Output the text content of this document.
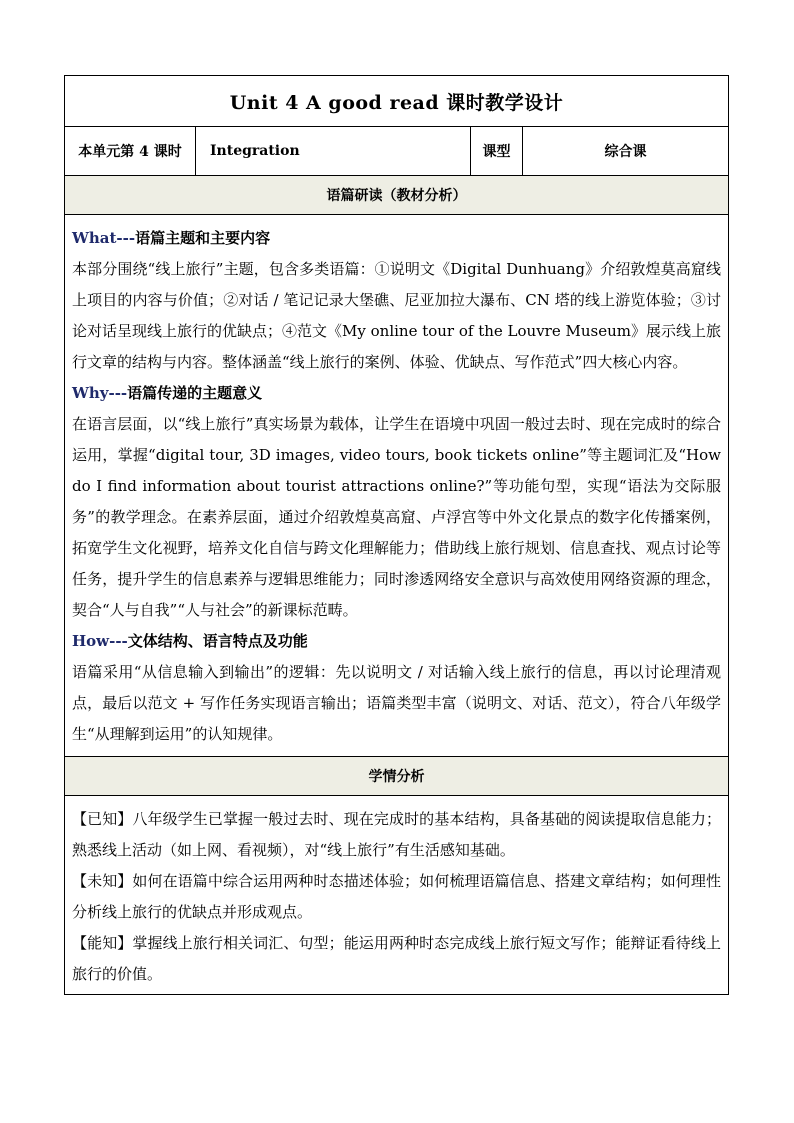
Unit 4 A good read 课时教学设计
本单元第 4 课时	Integration	课型	综合课
语篇研读（教材分析）
What---语篇主题和主要内容

本部分围绕“线上旅行”主题，包含多类语篇：①说明文《Digital Dunhuang》介绍敦煌莫高窟线上项目的内容与价值；②对话 / 笔记记录大堡礁、尼亚加拉大瀑布、CN 塔的线上游览体验；③讨论对话呈现线上旅行的优缺点；④范文《My online tour of the Louvre Museum》展示线上旅行文章的结构与内容。整体涵盖“线上旅行的案例、体验、优缺点、写作范式”四大核心内容。

Why---语篇传递的主题意义

在语言层面，以“线上旅行”真实场景为载体，让学生在语境中巩固一般过去时、现在完成时的综合运用，掌握“digital tour, 3D images, video tours, book tickets online”等主题词汇及“How do I find information about tourist attractions online?”等功能句型，实现“语法为交际服务”的教学理念。在素养层面，通过介绍敦煌莫高窟、卢浮宫等中外文化景点的数字化传播案例，拓宽学生文化视野，培养文化自信与跨文化理解能力；借助线上旅行规划、信息查找、观点讨论等任务，提升学生的信息素养与逻辑思维能力；同时渗透网络安全意识与高效使用网络资源的理念，契合“人与自我”“人与社会”的新课标范畴。

How---文体结构、语言特点及功能

语篇采用“从信息输入到输出”的逻辑：先以说明文 / 对话输入线上旅行的信息，再以讨论理清观点，最后以范文 + 写作任务实现语言输出；语篇类型丰富（说明文、对话、范文），符合八年级学生“从理解到运用”的认知规律。

学情分析

【已知】八年级学生已掌握一般过去时、现在完成时的基本结构，具备基础的阅读提取信息能力；熟悉线上活动（如上网、看视频），对“线上旅行”有生活感知基础。

【未知】如何在语篇中综合运用两种时态描述体验；如何梳理语篇信息、搭建文章结构；如何理性分析线上旅行的优缺点并形成观点。

【能知】掌握线上旅行相关词汇、句型；能运用两种时态完成线上旅行短文写作；能辩证看待线上旅行的价值。
